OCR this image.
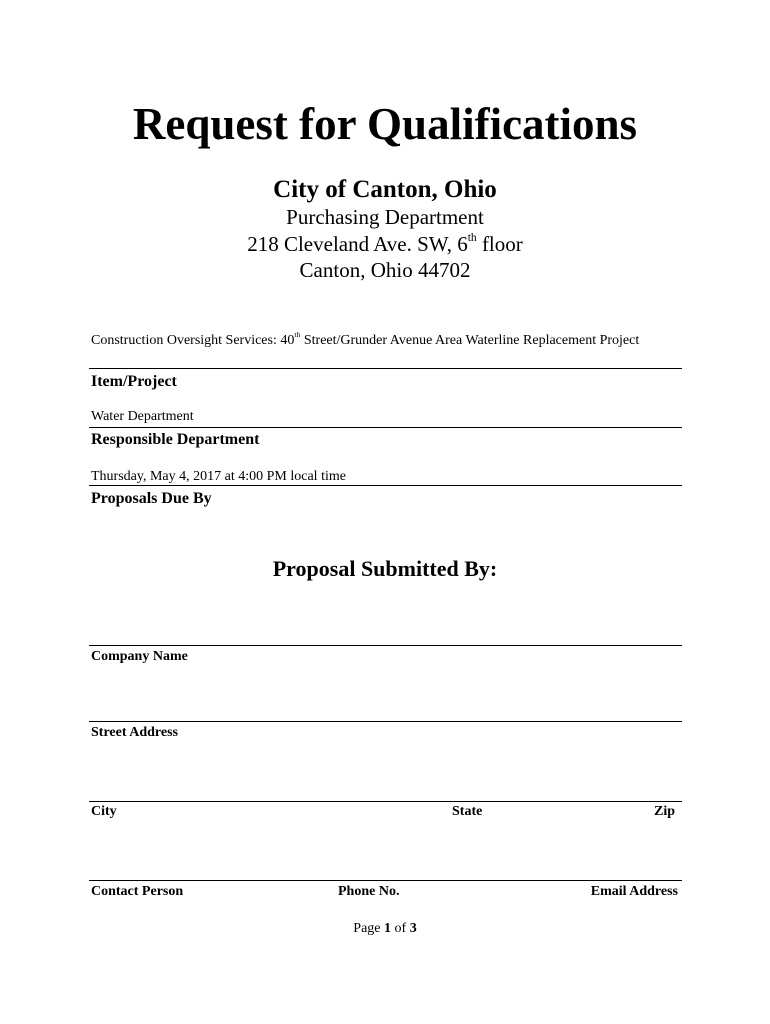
Request for Qualifications
City of Canton, Ohio
Purchasing Department
218 Cleveland Ave. SW, 6th floor
Canton, Ohio 44702
Construction Oversight Services: 40th Street/Grunder Avenue Area Waterline Replacement Project
Item/Project
Water Department
Responsible Department
Thursday, May 4, 2017 at 4:00 PM local time
Proposals Due By
Proposal Submitted By:
Company Name
Street Address
City	State	Zip
Contact Person	Phone No.	Email Address
Page 1 of 3
